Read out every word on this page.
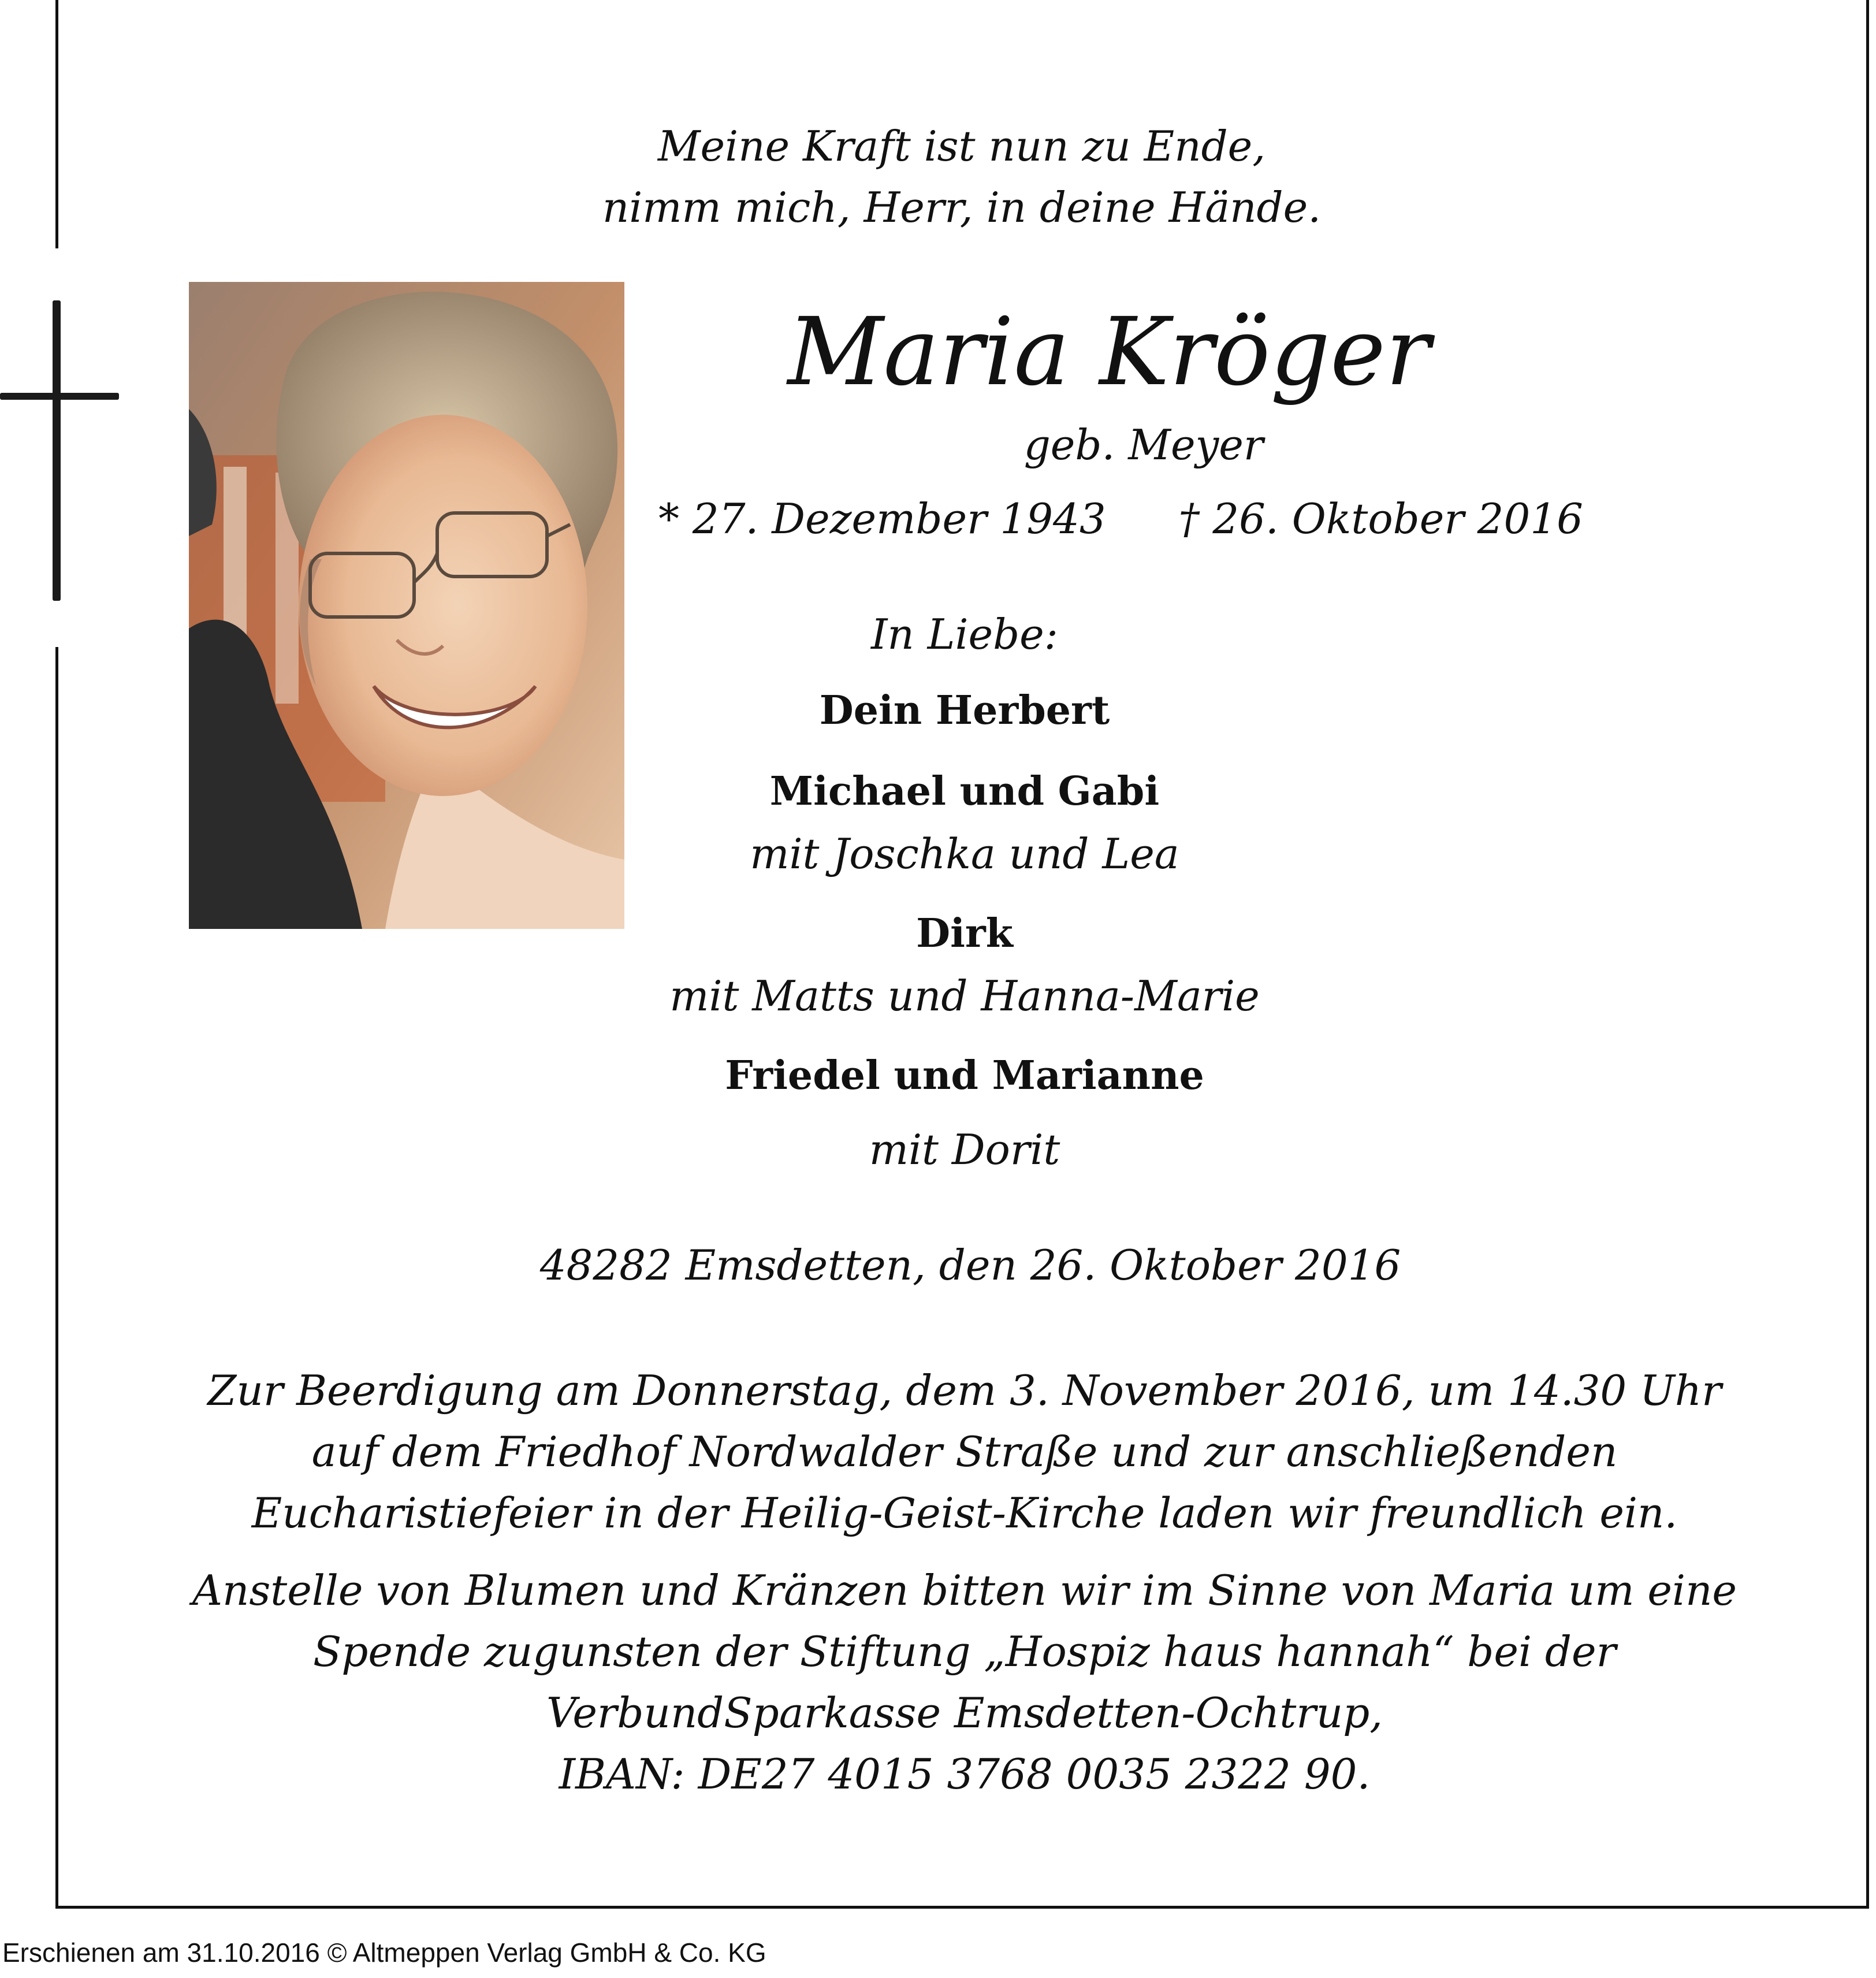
Meine Kraft ist nun zu Ende,
nimm mich, Herr, in deine Hände.
Maria Kröger
geb. Meyer
* 27. Dezember 1943 † 26. Oktober 2016
In Liebe:
Dein Herbert
Michael und Gabi
mit Joschka und Lea
Dirk
mit Matts und Hanna-Marie
Friedel und Marianne
mit Dorit
48282 Emsdetten, den 26. Oktober 2016
Zur Beerdigung am Donnerstag, dem 3. November 2016, um 14.30 Uhr
auf dem Friedhof Nordwalder Straße und zur anschließenden
Eucharistiefeier in der Heilig-Geist-Kirche laden wir freundlich ein.
Anstelle von Blumen und Kränzen bitten wir im Sinne von Maria um eine
Spende zugunsten der Stiftung „Hospiz haus hannah“ bei der
VerbundSparkasse Emsdetten-Ochtrup,
IBAN: DE27 4015 3768 0035 2322 90.
Erschienen am 31.10.2016 © Altmeppen Verlag GmbH & Co. KG
